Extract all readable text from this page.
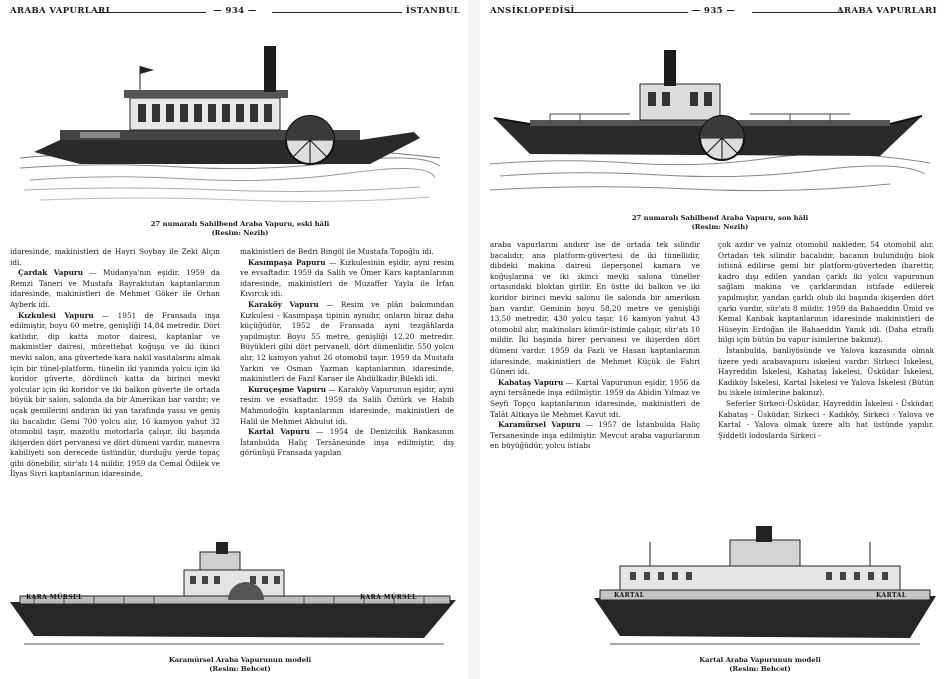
ARABA VAPURLARI	— 934 —	İSTANBUL
27 numaralı Sahilbend Araba Vapuru, eski hâli
(Resim: Nezih)

idaresinde, makinistleri de Hayri Soybay ile Zeki Alçın idi.

Çardak Vapuru — Mudanya'nın eşidir. 1959 da Remzi Taneri ve Mustafa Bayraktutan kaptanlarının idaresinde, makinistleri de Mehmet Göker ile Orhan Ayberk idi.

Kızkulesi Vapuru — 1951 de Fransada inşa edilmiştir, boyu 60 metre, genişliği 14,84 metredir. Dört katlıdır, dip katta motor dairesi, kaptanlar ve makinistler dairesi, mürettebat koğuşu ve iki ikinci mevki salon, ana güvertede kara nakil vasıtalarını almak için bir tünel-platform, tünelin iki yanında yolcu için iki koridor güverte, dördüncü katta da birinci mevki yolcular için iki koridor ve iki balkon güverte ile ortada büyük bir salon, salonda da bir Amerikan bar vardır; ve uçak gemilerini andıran iki yan tarafında yassı ve geniş iki bacalıdır. Gemi 700 yolcu alır, 16 kamyon yahut 32 otomobil taşır, mazotlu motorlarla çalışır, iki başında ikişerden dört pervanesi ve dört dümeni vardır, manevra kabiliyeti son derecede üstündür, durduğu yerde topaç gibi dönebilir, sür'atı 14 mildir. 1959 da Cemal Ödilek ve İlyas Sivri kaptanlarının idaresinde,

makinistleri de Bedri Bingöl ile Mustafa Topoğlu idi.

Kasımpaşa Papuru — Kızkulesinin eşidir, ayni resim ve evsaftadır. 1959 da Salih ve Ömer Kars kaptanlarının idaresinde, makinistleri de Muzaffer Yayla ile İrfan Kıvırcık idi.

Karaköy Vapuru — Resim ve plân bakımından Kızkulesi - Kasımpaşa tipinin aynıdır, onların biraz daha küçüğüdür, 1952 de Fransada ayni tezgâhlarda yapılmıştır. Boyu 55 metre, genişliği 12,20 metredir. Büyükleri gibi dört pervaneli, dört dümenlidir. 550 yolcu alır, 12 kamyon yahut 26 otomobil taşır. 1959 da Mustafa Yarkın ve Osman Yazman kaptanlarının idaresinde, makinistleri de Fazıl Karaer ile Abdülkadir Bilekli idi.

Kuruçeşme Vapuru — Karaköy Vapurunun eşidir, ayni resim ve evsaftadır. 1959 da Salih Öztürk ve Habib Mahmudoğlu kaptanlarının idaresinde, makinistleri de Halil ile Mehmet Akbulut idi.

Kartal Vapuru — 1954 de Denizcilik Bankasının İstanbulda Haliç Tersânesinde inşa edilmiştir, diş görünüşü Fransada yapılan

KARA MÜRSEL	KARA MÜRSEL
Karamürsel Araba Vapurunun modeli
(Resim: Behcet)
ANSİKLOPEDİSİ	— 935 —	ARABA VAPURLARI
27 numaralı Sahilbend Araba Vapuru, son hâli
(Resim: Nezih)

araba vapurlarını andırır ise de ortada tek silindir bacalıdır, ana platform-güvertesi de iki tünellidir, dibdeki makina dairesi ileperşonel kamara ve koğuşlarına ve iki ikinci mevki salona tüneller ortasındaki bloktan girilir. En üstte iki balkon ve iki koridor birinci mevki salonu ile salonda bir amerikan barı vardır. Geminin boyu 58,20 metre ve genişliği 13,50 metredir, 430 yolcu taşır, 16 kamyon yahut 43 otomobil alır, makinoları kömür-istimle çalışır, sür'atı 10 mildir. İki başında birer pervanesi ve ikişerden dört dümeni vardır. 1959 da Fazlı ve Hasan kaptanlarının idaresinde, makinistleri de Mehmet Küçük ile Fahri Güneri idi.

Kabataş Vapuru — Kartal Vapurunun eşidir, 1956 da ayni tersânede inşa edilmiştir. 1959 da Abidin Yılmaz ve Seyfi Topçu kaptanlarının idaresinde, makinistleri de Talât Altkaya ile Mehmet Kavut idi.

Karamürsel Vapuru — 1957 de İstanbulda Haliç Tersanesinde inşa edilmiştir. Mevcut araba vapurlarının en büyüğüdür, yolcu istiabı

çok azdır ve yalnız otomobil nakleder, 54 otomobil alır. Ortadan tek silindir bacalıdır, bacanın bulunduğu blok istisnâ edilirse gemi bir platform-güverteden ibarettir, kadro dışı edilen yandan çarklı iki yolcu vapurunun sağlam makina ve çarklarından istifade edilerek yapılmıştır, yandan çarklı olub iki başında ikişerden dört çarkı vardır, sür'atı 8 mildir. 1959 da Bahaeddin Ümid ve Kemal Kanbak kaptanlarının idaresinde makinistleri de Hüseyin Erdoğan ile Bahaeddin Yanık idi. (Daha etraflı bilgi için bütün bu vapur isimlerine bakınız).

İstanbulda, banliyösünde ve Yalova kazasında olmak üzere yedi arabavapuru iskelesi vardır: Sirkeci İskelesi, Hayreddin İskelesi, Kabataş İskelesi, Üsküdar İskelesi, Kadıköy İskelesi, Kartal İskelesi ve Yalova İskelesi (Bütün bu iskele isimlerine bakınız).

Seferler Sirkeci-Üsküdar, Hayreddin İskelesi - Üsküdar, Kabataş - Üsküdar, Sirkeci - Kadıköy, Sirkeci - Yalova ve Kartal - Yalova olmak üzere altı hat üstünde yapılır. Şiddetli lodoslarda Sirkeci -

KARTAL	KARTAL
Kartal Araba Vapurunun modeli
(Resim: Behcet)
